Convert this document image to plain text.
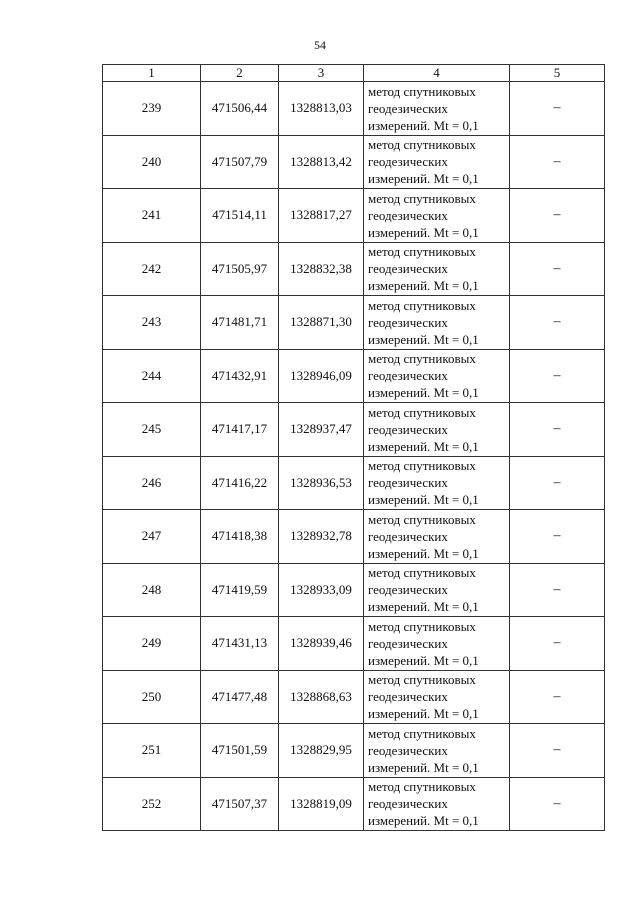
54
1	2	3	4	5
239	471506,44	1328813,03	метод спутниковых геодезических измерений. Mt = 0,1	–
240	471507,79	1328813,42	метод спутниковых геодезических измерений. Mt = 0,1	–
241	471514,11	1328817,27	метод спутниковых геодезических измерений. Mt = 0,1	–
242	471505,97	1328832,38	метод спутниковых геодезических измерений. Mt = 0,1	–
243	471481,71	1328871,30	метод спутниковых геодезических измерений. Mt = 0,1	–
244	471432,91	1328946,09	метод спутниковых геодезических измерений. Mt = 0,1	–
245	471417,17	1328937,47	метод спутниковых геодезических измерений. Mt = 0,1	–
246	471416,22	1328936,53	метод спутниковых геодезических измерений. Mt = 0,1	–
247	471418,38	1328932,78	метод спутниковых геодезических измерений. Mt = 0,1	–
248	471419,59	1328933,09	метод спутниковых геодезических измерений. Mt = 0,1	–
249	471431,13	1328939,46	метод спутниковых геодезических измерений. Mt = 0,1	–
250	471477,48	1328868,63	метод спутниковых геодезических измерений. Mt = 0,1	–
251	471501,59	1328829,95	метод спутниковых геодезических измерений. Mt = 0,1	–
252	471507,37	1328819,09	метод спутниковых геодезических измерений. Mt = 0,1	–
